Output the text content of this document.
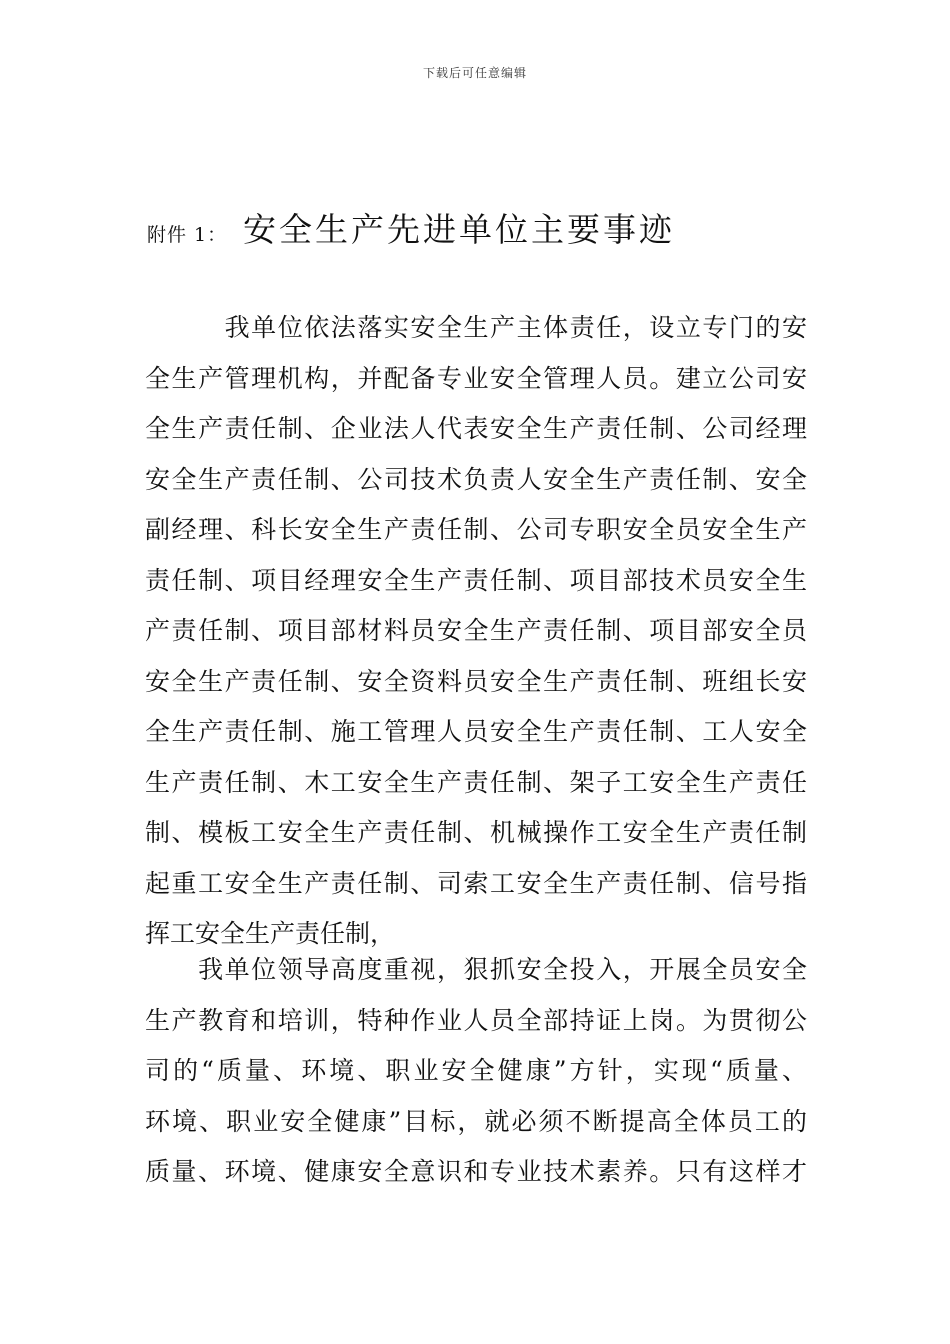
下载后可任意编辑
附件 1： 安全生产先进单位主要事迹
　　　我单位依法落实安全生产主体责任，设立专门的安
全生产管理机构，并配备专业安全管理人员。建立公司安
全生产责任制、企业法人代表安全生产责任制、公司经理
安全生产责任制、公司技术负责人安全生产责任制、安全
副经理、科长安全生产责任制、公司专职安全员安全生产
责任制、项目经理安全生产责任制、项目部技术员安全生
产责任制、项目部材料员安全生产责任制、项目部安全员
安全生产责任制、安全资料员安全生产责任制、班组长安
全生产责任制、施工管理人员安全生产责任制、工人安全
生产责任制、木工安全生产责任制、架子工安全生产责任
制、模板工安全生产责任制、机械操作工安全生产责任制
起重工安全生产责任制、司索工安全生产责任制、信号指
挥工安全生产责任制，
　　我单位领导高度重视，狠抓安全投入，开展全员安全
生产教育和培训，特种作业人员全部持证上岗。为贯彻公
司的“质量、环境、职业安全健康”方针，实现“质量、
环境、职业安全健康”目标，就必须不断提高全体员工的
质量、环境、健康安全意识和专业技术素养。只有这样才
